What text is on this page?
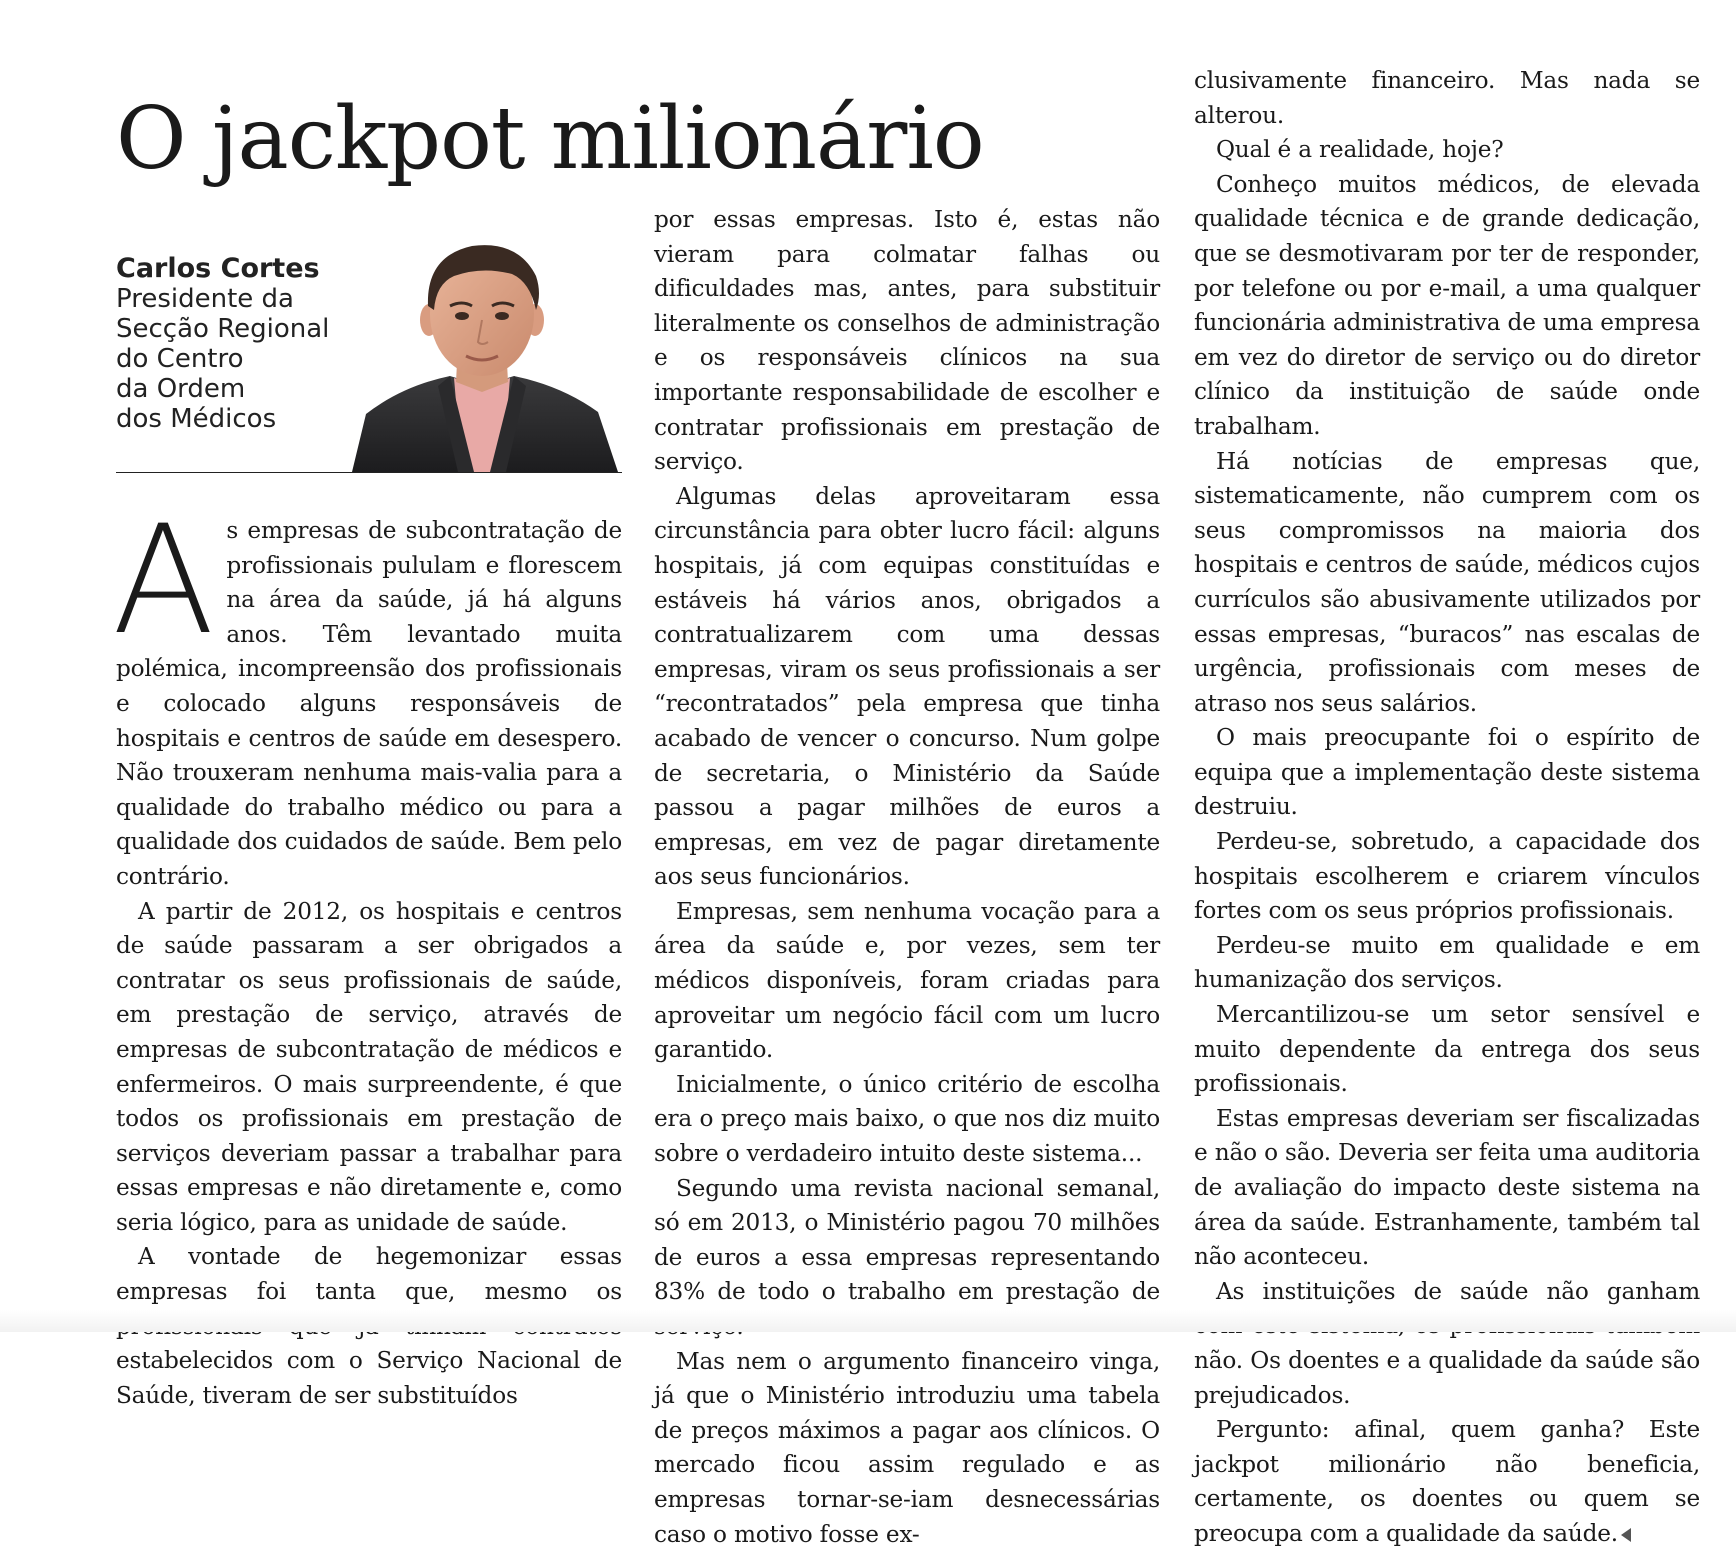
O jackpot milionário
Carlos Cortes

Presidente da

Secção Regional

do Centro

da Ordem

dos Médicos

As empresas de subcontratação de profissionais pululam e florescem na área da saúde, já há alguns anos. Têm levantado muita polémica, incompreensão dos profissionais e colocado alguns responsáveis de hospitais e centros de saúde em desespero. Não trouxeram nenhuma mais-valia para a qualidade do trabalho médico ou para a qualidade dos cuidados de saúde. Bem pelo contrário.

A partir de 2012, os hospitais e centros de saúde passaram a ser obrigados a contratar os seus profissionais de saúde, em prestação de serviço, através de empresas de subcontratação de médicos e enfermeiros. O mais surpreendente, é que todos os profissionais em prestação de serviços deveriam passar a trabalhar para essas empresas e não diretamente e, como seria lógico, para as unidade de saúde.

A vontade de hegemonizar essas empresas foi tanta que, mesmo os estabelecidos com o Serviço Nacional de Saúde, tiveram de ser substituídos

por essas empresas. Isto é, estas não vieram para colmatar falhas ou dificuldades mas, antes, para substituir literalmente os conselhos de administração e os responsáveis clínicos na sua importante responsabilidade de escolher e contratar profissionais em prestação de serviço.

Algumas delas aproveitaram essa circunstância para obter lucro fácil: alguns hospitais, já com equipas constituídas e estáveis há vários anos, obrigados a contratualizarem com uma dessas empresas, viram os seus profissionais a ser “recontratados” pela empresa que tinha acabado de vencer o concurso. Num golpe de secretaria, o Ministério da Saúde passou a pagar milhões de euros a empresas, em vez de pagar diretamente aos seus funcionários.

Empresas, sem nenhuma vocação para a área da saúde e, por vezes, sem ter médicos disponíveis, foram criadas para aproveitar um negócio fácil com um lucro garantido.

Inicialmente, o único critério de escolha era o preço mais baixo, o que nos diz muito sobre o verdadeiro intuito deste sistema...

Segundo uma revista nacional semanal, só em 2013, o Ministério pagou 70 milhões de euros a essa empresas representando 83% de todo o trabalho em prestação de

Mas nem o argumento financeiro vinga, já que o Ministério introduziu uma tabela de preços máximos a pagar aos clínicos. O mercado ficou assim regulado e as empresas tornar-se-iam desnecessárias caso o motivo fosse ex-

clusivamente financeiro. Mas nada se alterou.

Qual é a realidade, hoje?

Conheço muitos médicos, de elevada qualidade técnica e de grande dedicação, que se desmotivaram por ter de responder, por telefone ou por e-mail, a uma qualquer funcionária administrativa de uma empresa em vez do diretor de serviço ou do diretor clínico da instituição de saúde onde trabalham.

Há notícias de empresas que, sistematicamente, não cumprem com os seus compromissos na maioria dos hospitais e centros de saúde, médicos cujos currículos são abusivamente utilizados por essas empresas, “buracos” nas escalas de urgência, profissionais com meses de atraso nos seus salários.

O mais preocupante foi o espírito de equipa que a implementação deste sistema destruiu.

Perdeu-se, sobretudo, a capacidade dos hospitais escolherem e criarem vínculos fortes com os seus próprios profissionais.

Perdeu-se muito em qualidade e em humanização dos serviços.

Mercantilizou-se um setor sensível e muito dependente da entrega dos seus profissionais.

Estas empresas deveriam ser fiscalizadas e não o são. Deveria ser feita uma auditoria de avaliação do impacto deste sistema na área da saúde. Estranhamente, também tal não aconteceu.

As instituições de saúde não ganham não. Os doentes e a qualidade da saúde são prejudicados.

Pergunto: afinal, quem ganha? Este jackpot milionário não beneficia, certamente, os doentes ou quem se preocupa com a qualidade da saúde.
